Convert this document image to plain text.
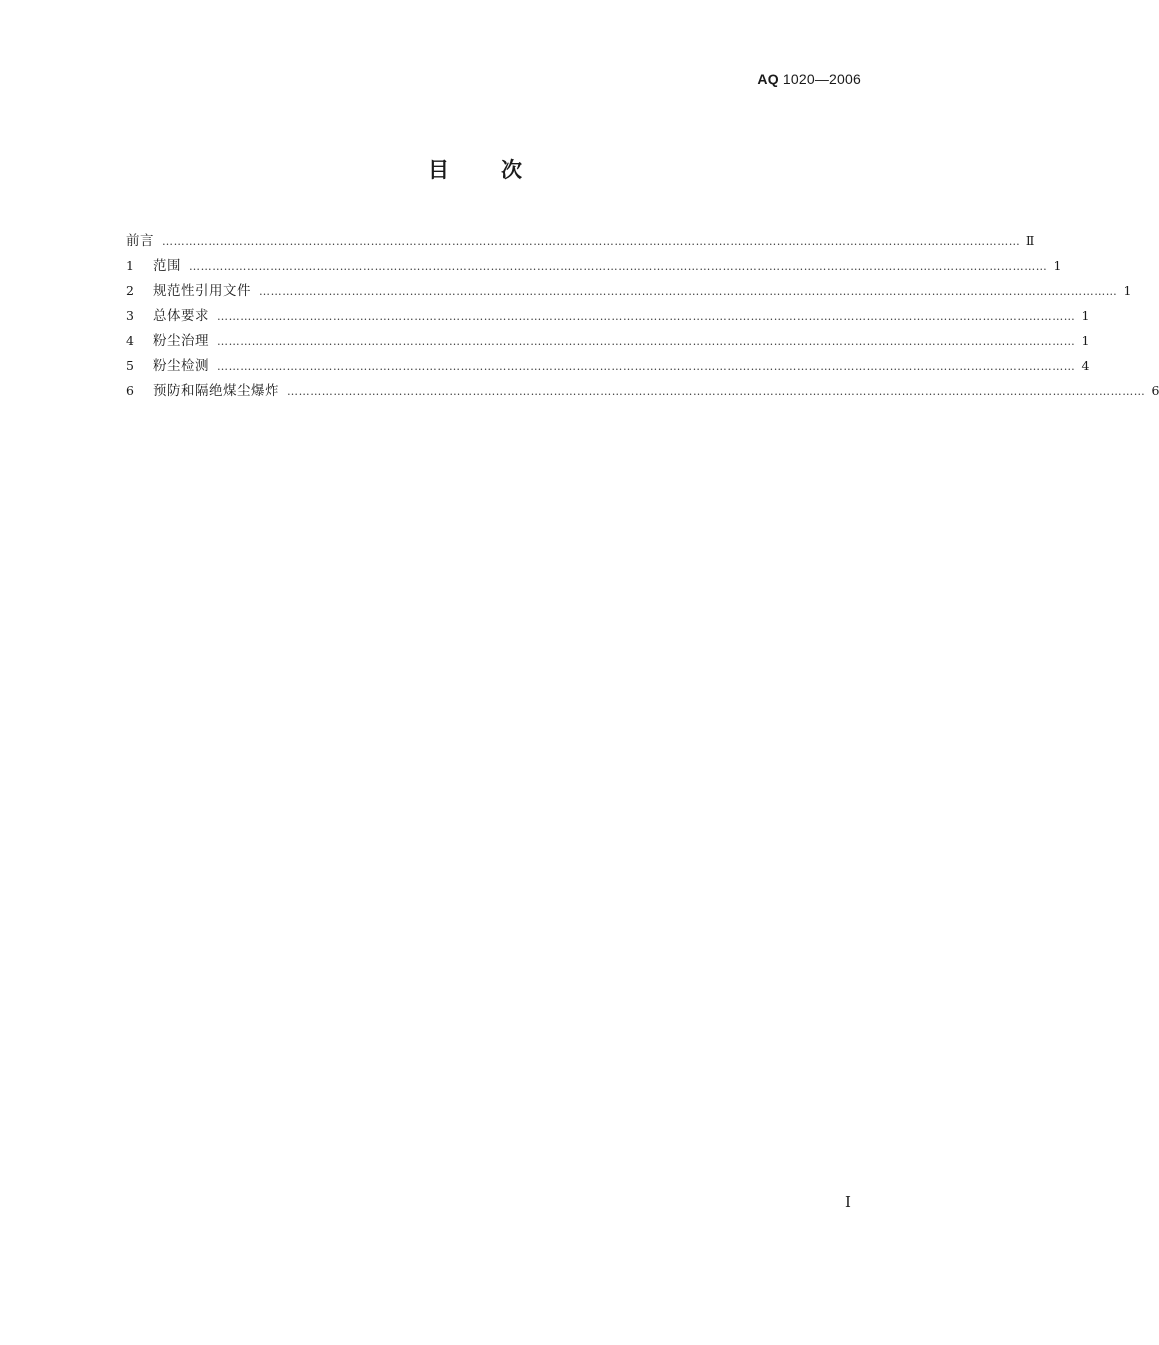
AQ 1020—2006
目次
前言 …………………………………………………………………………………………………………………………………………………………………………………………………… Ⅱ
1	范围 …………………………………………………………………………………………………………………………………………………………………………………………………… 1
2	规范性引用文件 …………………………………………………………………………………………………………………………………………………………………………………………………… 1
3	总体要求 …………………………………………………………………………………………………………………………………………………………………………………………………… 1
4	粉尘治理 …………………………………………………………………………………………………………………………………………………………………………………………………… 1
5	粉尘检测 …………………………………………………………………………………………………………………………………………………………………………………………………… 4
6	预防和隔绝煤尘爆炸 …………………………………………………………………………………………………………………………………………………………………………………………………… 6
I
